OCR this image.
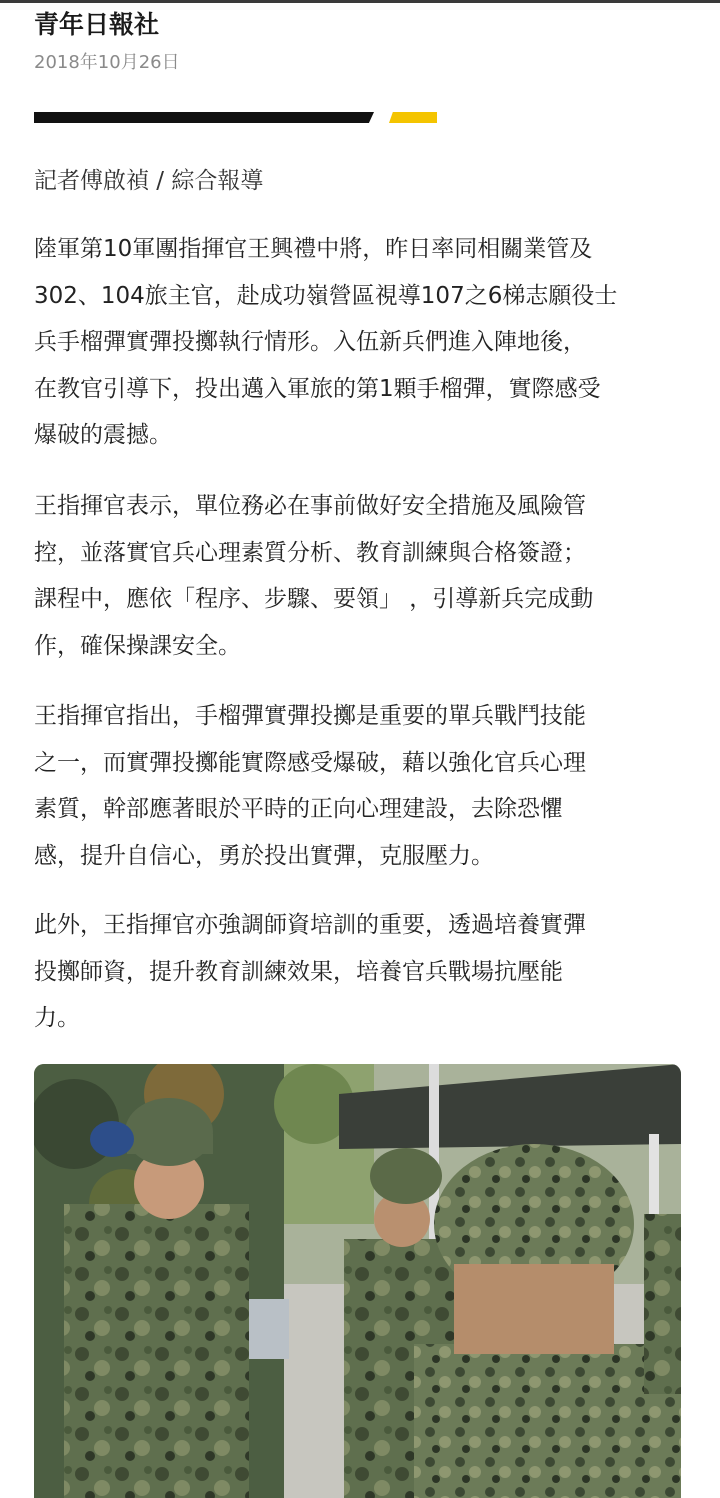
青年日報社
2018年10月26日
記者傅啟禎 / 綜合報導

陸軍第10軍團指揮官王興禮中將，昨日率同相關業管及
302、104旅主官，赴成功嶺營區視導107之6梯志願役士
兵手榴彈實彈投擲執行情形。入伍新兵們進入陣地後，
在教官引導下，投出邁入軍旅的第1顆手榴彈，實際感受
爆破的震撼。

王指揮官表示，單位務必在事前做好安全措施及風險管
控，並落實官兵心理素質分析、教育訓練與合格簽證；
課程中，應依「程序、步驟、要領」 ，引導新兵完成動
作，確保操課安全。

王指揮官指出，手榴彈實彈投擲是重要的單兵戰鬥技能
之一，而實彈投擲能實際感受爆破，藉以強化官兵心理
素質，幹部應著眼於平時的正向心理建設，去除恐懼
感，提升自信心，勇於投出實彈，克服壓力。

此外，王指揮官亦強調師資培訓的重要，透過培養實彈
投擲師資，提升教育訓練效果，培養官兵戰場抗壓能
力。
